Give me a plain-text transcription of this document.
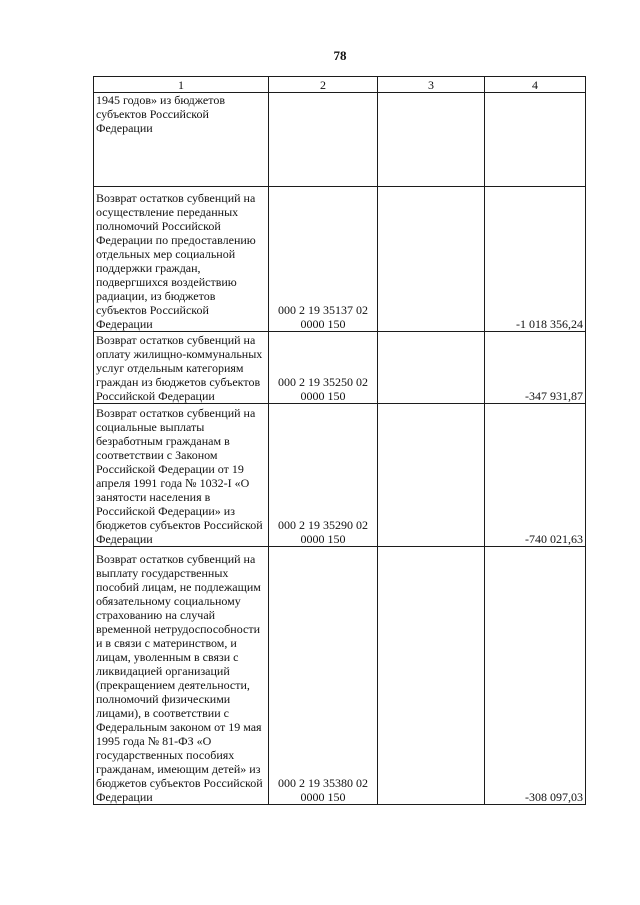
78
1	2	3	4
1945 годов» из бюджетов субъектов Российской Федерации			
Возврат остатков субвенций на осуществление переданных полномочий Российской Федерации по предоставлению отдельных мер социальной поддержки граждан, подвергшихся воздействию радиации, из бюджетов субъектов Российской Федерации	000 2 19 35137 02 0000 150		-1 018 356,24
Возврат остатков субвенций на оплату жилищно-коммунальных услуг отдельным категориям граждан из бюджетов субъектов Российской Федерации	000 2 19 35250 02 0000 150		-347 931,87
Возврат остатков субвенций на социальные выплаты безработным гражданам в соответствии с Законом Российской Федерации от 19 апреля 1991 года № 1032-I «О занятости населения в Российской Федерации» из бюджетов субъектов Российской Федерации	000 2 19 35290 02 0000 150		-740 021,63
Возврат остатков субвенций на выплату государственных пособий лицам, не подлежащим обязательному социальному страхованию на случай временной нетрудоспособности и в связи с материнством, и лицам, уволенным в связи с ликвидацией организаций (прекращением деятельности, полномочий физическими лицами), в соответствии с Федеральным законом от 19 мая 1995 года № 81-ФЗ «О государственных пособиях гражданам, имеющим детей» из бюджетов субъектов Российской Федерации	000 2 19 35380 02 0000 150		-308 097,03
